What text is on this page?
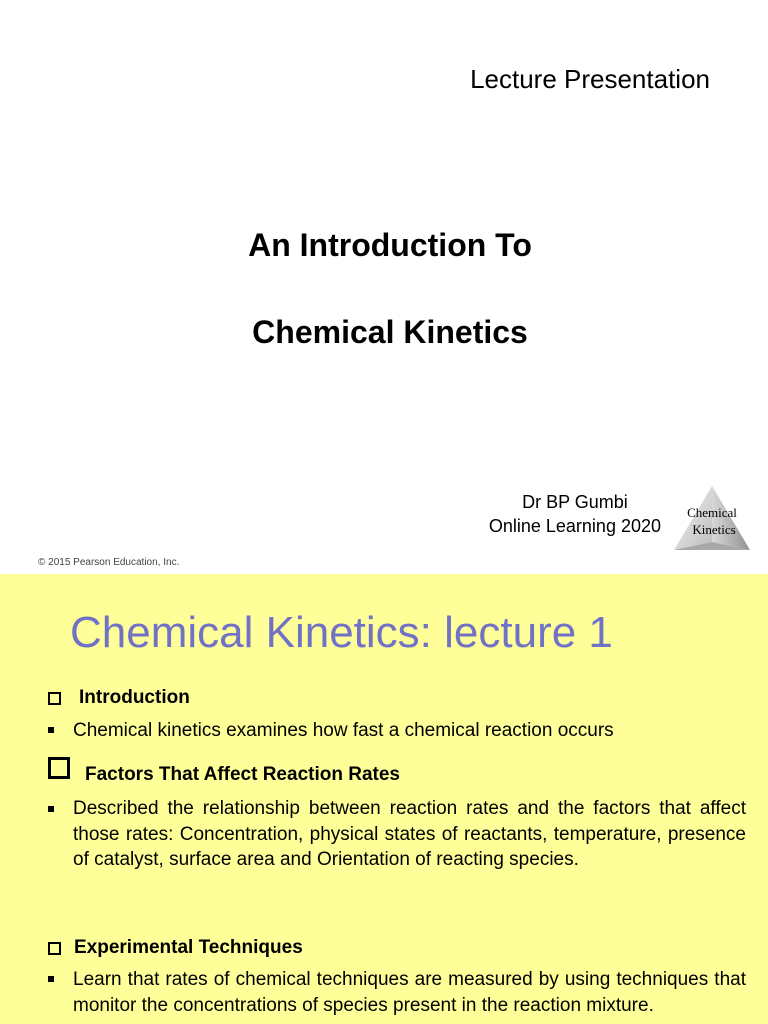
Lecture Presentation
An Introduction To
Chemical Kinetics
Dr BP Gumbi
Online Learning 2020
Chemical
Kinetics
© 2015 Pearson Education, Inc.
Chemical Kinetics: lecture 1
Introduction
Chemical kinetics examines how fast a chemical reaction occurs
Factors That Affect Reaction Rates
Described the relationship between reaction rates and the factors that affect those rates: Concentration, physical states of reactants, temperature, presence of catalyst, surface area and Orientation of reacting species.
Experimental Techniques
Learn that rates of chemical techniques are measured by using techniques that monitor the concentrations of species present in the reaction mixture.
